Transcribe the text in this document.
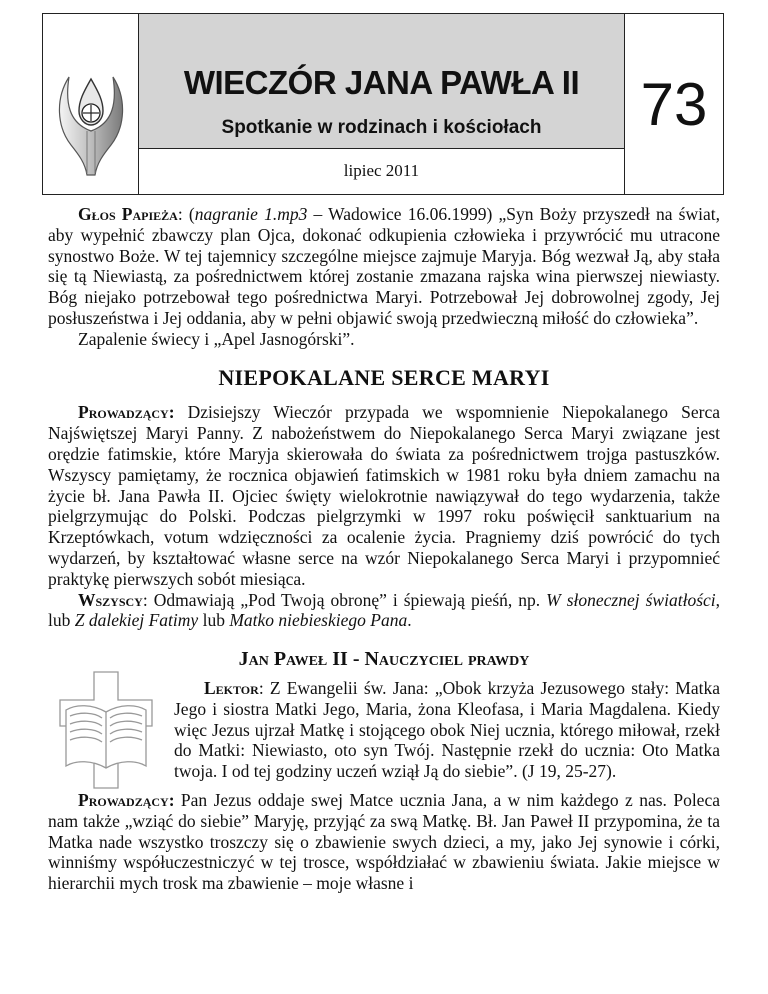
WIECZÓR JANA PAWŁA II
Spotkanie w rodzinach i kościołach
lipiec 2011
73

Głos Papieża: (nagranie 1.mp3 – Wadowice 16.06.1999) „Syn Boży przyszedł na świat, aby wypełnić zbawczy plan Ojca, dokonać odkupienia człowieka i przywrócić mu utracone synostwo Boże. W tej tajemnicy szczególne miejsce zajmuje Maryja. Bóg wezwał Ją, aby stała się tą Niewiastą, za pośrednictwem której zostanie zmazana rajska wina pierwszej niewiasty. Bóg niejako potrzebował tego pośrednictwa Maryi. Potrzebował Jej dobrowolnej zgody, Jej posłuszeństwa i Jej oddania, aby w pełni objawić swoją przedwieczną miłość do człowieka”.

Zapalenie świecy i „Apel Jasnogórski”.

NIEPOKALANE SERCE MARYI

Prowadzący: Dzisiejszy Wieczór przypada we wspomnienie Niepokalanego Serca Najświętszej Maryi Panny. Z nabożeństwem do Niepokalanego Serca Maryi związane jest orędzie fatimskie, które Maryja skierowała do świata za pośrednictwem trojga pastuszków. Wszyscy pamiętamy, że rocznica objawień fatimskich w 1981 roku była dniem zamachu na życie bł. Jana Pawła II. Ojciec święty wielokrotnie nawiązywał do tego wydarzenia, także pielgrzymując do Polski. Podczas pielgrzymki w 1997 roku poświęcił sanktuarium na Krzeptówkach, votum wdzięczności za ocalenie życia. Pragniemy dziś powrócić do tych wydarzeń, by kształtować własne serce na wzór Niepokalanego Serca Maryi i przypomnieć praktykę pierwszych sobót miesiąca.

Wszyscy: Odmawiają „Pod Twoją obronę” i śpiewają pieśń, np. W słonecznej światłości, lub Z dalekiej Fatimy lub Matko niebieskiego Pana.

Jan Paweł II - Nauczyciel prawdy

Lektor: Z Ewangelii św. Jana: „Obok krzyża Jezusowego stały: Matka Jego i siostra Matki Jego, Maria, żona Kleofasa, i Maria Magdalena. Kiedy więc Jezus ujrzał Matkę i stojącego obok Niej ucznia, którego miłował, rzekł do Matki: Niewiasto, oto syn Twój. Następnie rzekł do ucznia: Oto Matka twoja. I od tej godziny uczeń wziął Ją do siebie”. (J 19, 25-27).

Prowadzący: Pan Jezus oddaje swej Matce ucznia Jana, a w nim każdego z nas. Poleca nam także „wziąć do siebie” Maryję, przyjąć za swą Matkę. Bł. Jan Paweł II przypomina, że ta Matka nade wszystko troszczy się o zbawienie swych dzieci, a my, jako Jej synowie i córki, winniśmy współuczestniczyć w tej trosce, współdziałać w zbawieniu świata. Jakie miejsce w hierarchii mych trosk ma zbawienie – moje własne i
